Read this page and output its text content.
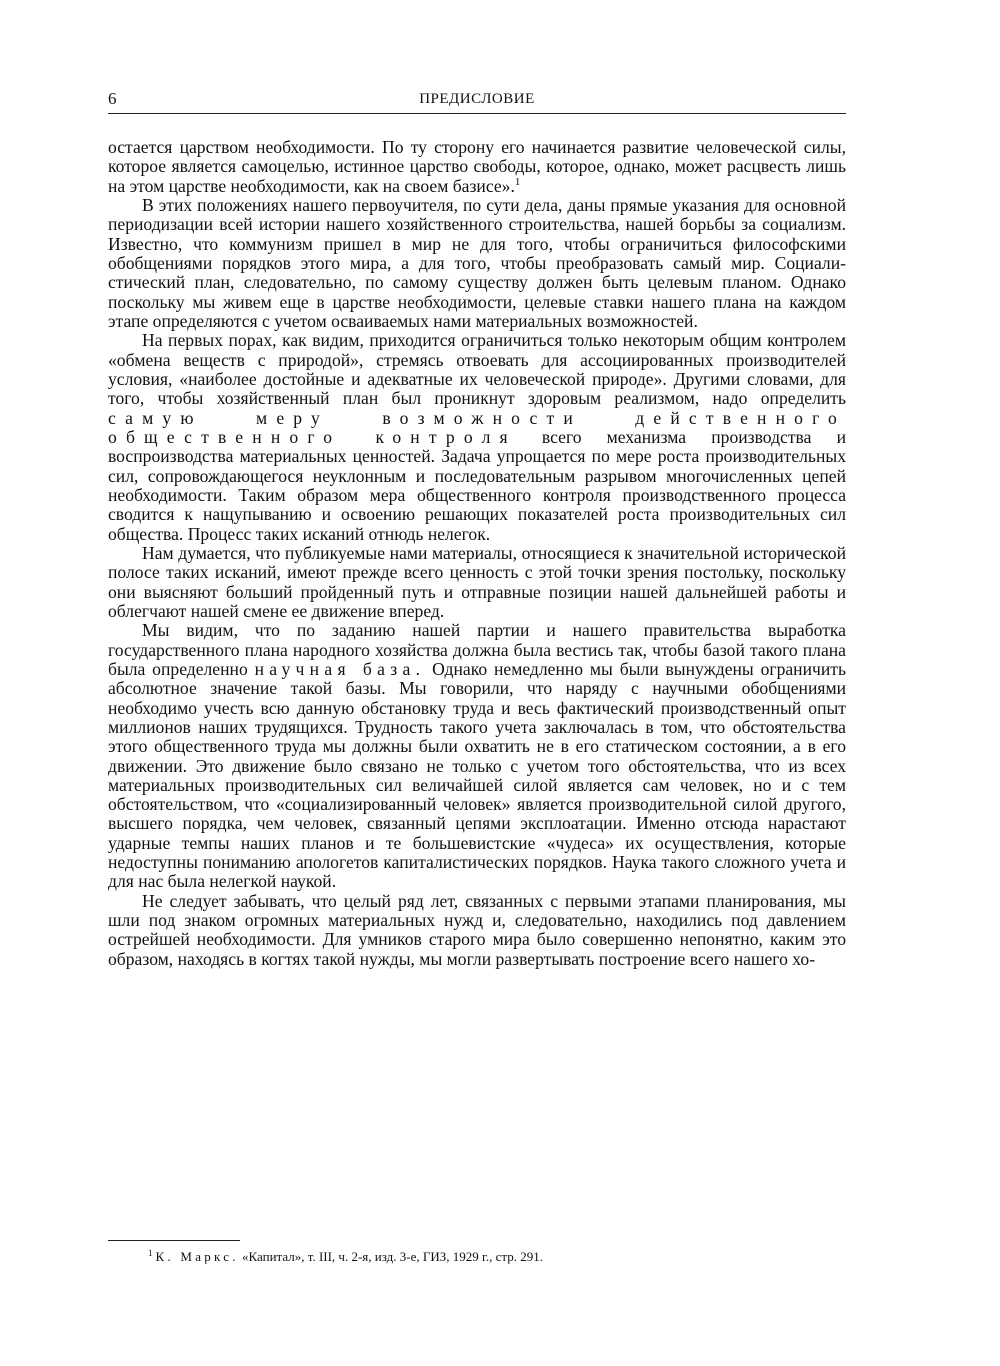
6	ПРЕДИСЛОВИЕ

остается царством необходимости. По ту сторону его начинается развитие человеческой силы, которое является самоцелью, истинное царство свободы, которое, однако, может расцвесть лишь на этом царстве необходимости, как на своем базисе».$^1$

В этих положениях нашего первоучителя, по сути дела, даны прямые указания для основной периодизации всей истории нашего хозяйственного строительства, нашей борьбы за социализм. Известно, что коммунизм пришел в мир не для того, чтобы ограничиться философскими обобщениями порядков этого мира, а для того, чтобы преобразовать самый мир. Социалистический план, следовательно, по самому существу должен быть целевым планом. Однако поскольку мы живем еще в царстве необходимости, целевые ставки нашего плана на каждом этапе определяются с учетом осваиваемых нами материальных возможностей.

На первых порах, как видим, приходится ограничиться только некоторым общим контролем «обмена веществ с природой», стремясь отвоевать для ассоциированных производителей условия, «наиболее достойные и адекватные их человеческой природе». Другими словами, для того, чтобы хозяйственный план был проникнут здоровым реализмом, надо определить самую меру возможности действенного общественного контроля всего механизма производства и воспроизводства материальных ценностей. Задача упрощается по мере роста производительных сил, сопровождающегося неуклонным и последовательным разрывом многочисленных цепей необходимости. Таким образом мера общественного контроля производственного процесса сводится к нащупыванию и освоению решающих показателей роста производительных сил общества. Процесс таких исканий отнюдь нелегок.

Нам думается, что публикуемые нами материалы, относящиеся к значительной исторической полосе таких исканий, имеют прежде всего ценность с этой точки зрения постольку, поскольку они выясняют больший пройденный путь и отправные позиции нашей дальнейшей работы и облегчают нашей смене ее движение вперед.

Мы видим, что по заданию нашей партии и нашего правительства выработка государственного плана народного хозяйства должна была вестись так, чтобы базой такого плана была определенно научная база. Однако немедленно мы были вынуждены ограничить абсолютное значение такой базы. Мы говорили, что наряду с научными обобщениями необходимо учесть всю данную обстановку труда и весь фактический производственный опыт миллионов наших трудящихся. Трудность такого учета заключалась в том, что обстоятельства этого общественного труда мы должны были охватить не в его статическом состоянии, а в его движении. Это движение было связано не только с учетом того обстоятельства, что из всех материальных производительных сил величайшей силой является сам человек, но и с тем обстоятельством, что «социализированный человек» является производительной силой другого, высшего порядка, чем человек, связанный цепями эксплоатации. Именно отсюда нарастают ударные темпы наших планов и те большевистские «чудеса» их осуществления, которые недоступны пониманию апологетов капиталистических порядков. Наука такого сложного учета и для нас была нелегкой наукой.

Не следует забывать, что целый ряд лет, связанных с первыми этапами планирования, мы шли под знаком огромных материальных нужд и, следовательно, находились под давлением острейшей необходимости. Для умников старого мира было совершенно непонятно, каким это образом, находясь в когтях такой нужды, мы могли развертывать построение всего нашего хо-

$^1$ К. Маркс. «Капитал», т. III, ч. 2-я, изд. 3-е, ГИЗ, 1929 г., стр. 291.
